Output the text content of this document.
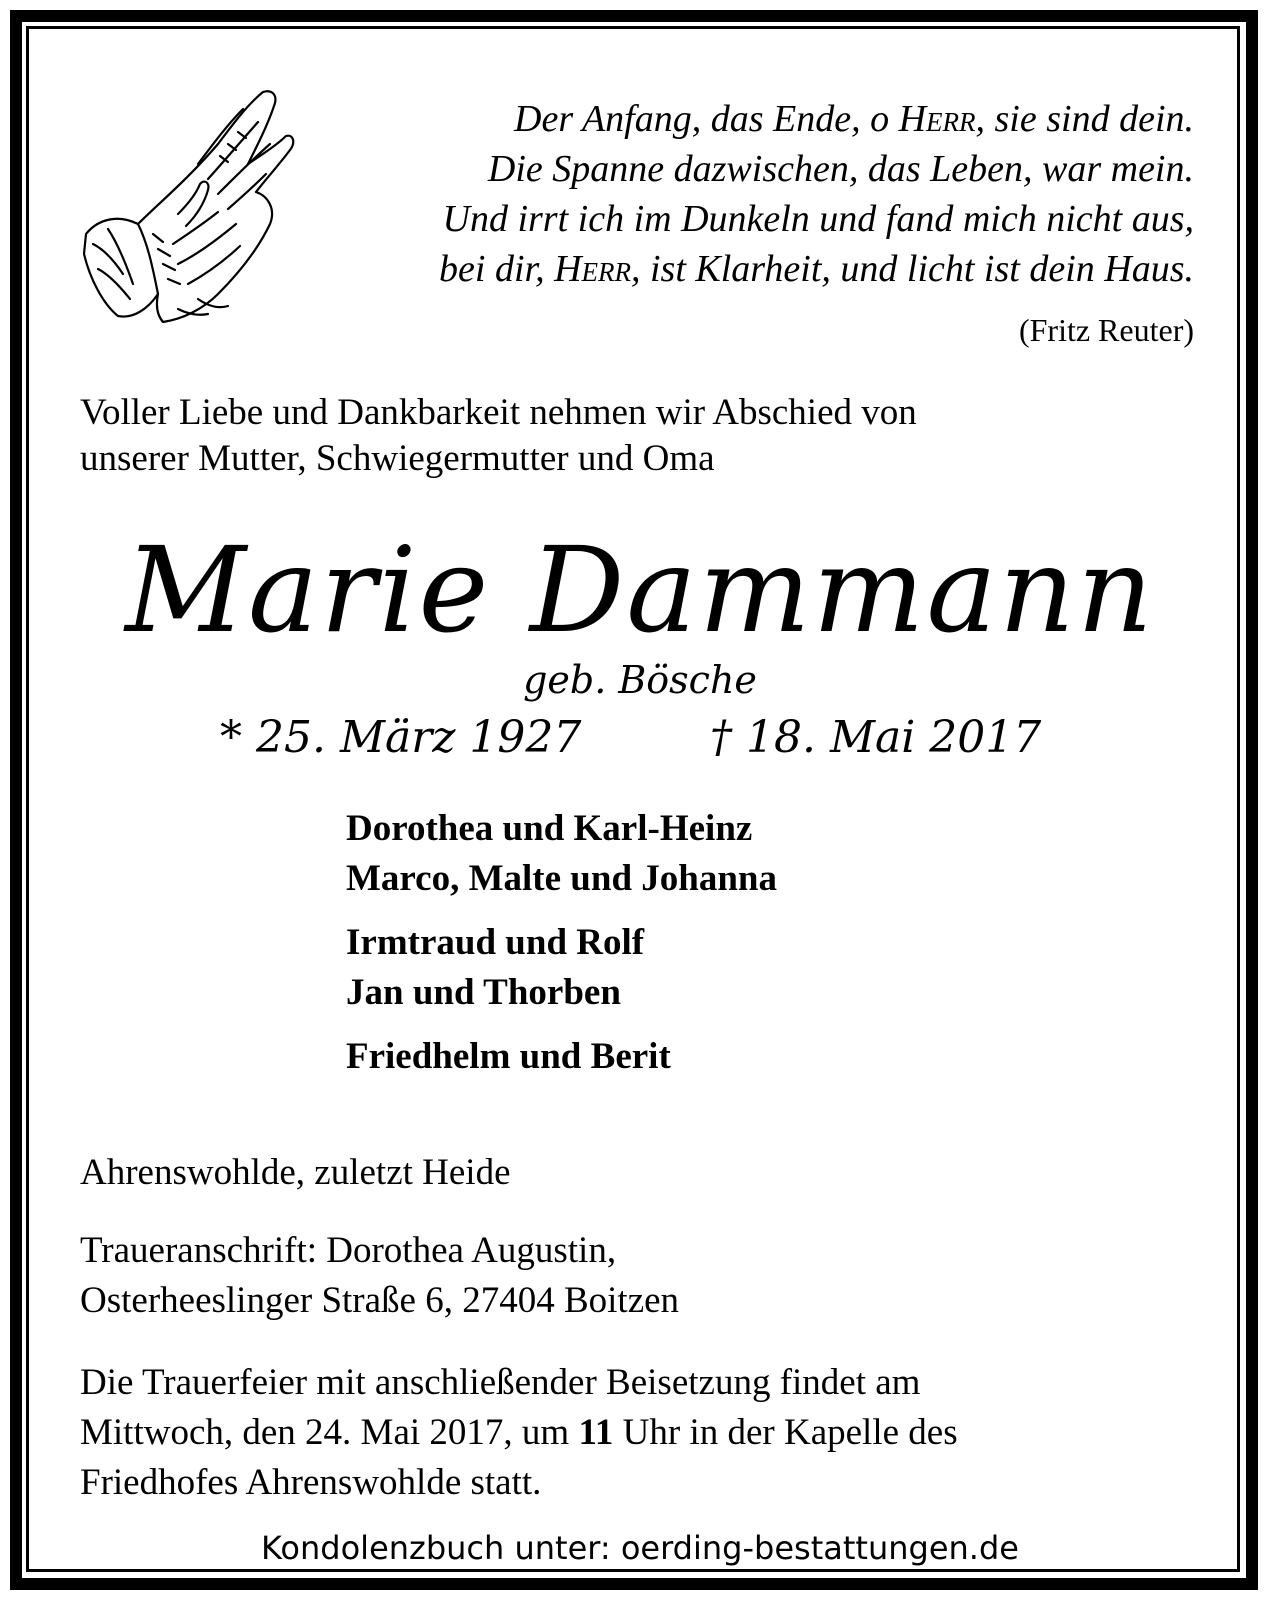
Der Anfang, das Ende, o Herr, sie sind dein.
Die Spanne dazwischen, das Leben, war mein.
Und irrt ich im Dunkeln und fand mich nicht aus,
bei dir, Herr, ist Klarheit, und licht ist dein Haus.
(Fritz Reuter)
Voller Liebe und Dankbarkeit nehmen wir Abschied von
unserer Mutter, Schwiegermutter und Oma
Marie Dammann
geb. Bösche
* 25. März 1927	† 18. Mai 2017
Dorothea und Karl-Heinz
Marco, Malte und Johanna
Irmtraud und Rolf
Jan und Thorben
Friedhelm und Berit
Ahrenswohlde, zuletzt Heide
Traueranschrift: Dorothea Augustin,
Osterheeslinger Straße 6, 27404 Boitzen
Die Trauerfeier mit anschließender Beisetzung findet am
Mittwoch, den 24. Mai 2017, um 11 Uhr in der Kapelle des
Friedhofes Ahrenswohlde statt.
Kondolenzbuch unter: oerding-bestattungen.de
